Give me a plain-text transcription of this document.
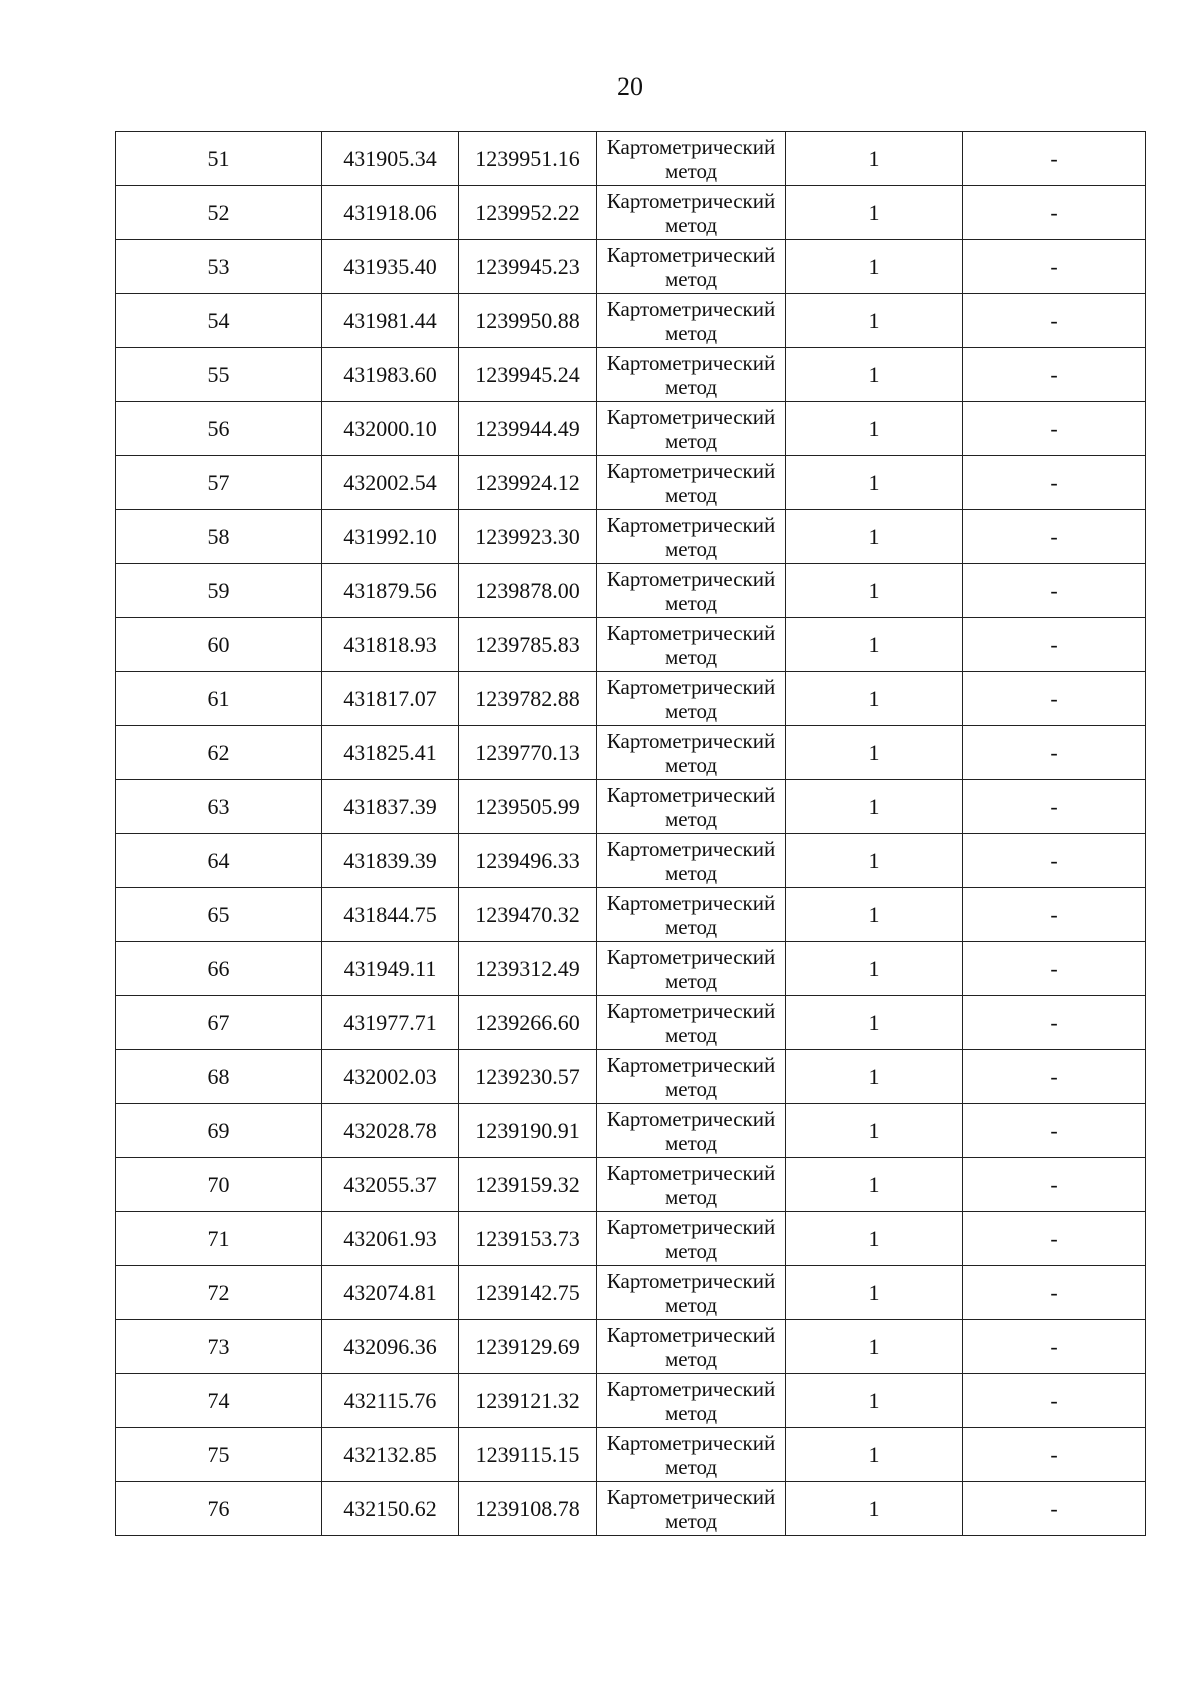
20
51	431905.34	1239951.16	Картометрический метод	1	-
52	431918.06	1239952.22	Картометрический метод	1	-
53	431935.40	1239945.23	Картометрический метод	1	-
54	431981.44	1239950.88	Картометрический метод	1	-
55	431983.60	1239945.24	Картометрический метод	1	-
56	432000.10	1239944.49	Картометрический метод	1	-
57	432002.54	1239924.12	Картометрический метод	1	-
58	431992.10	1239923.30	Картометрический метод	1	-
59	431879.56	1239878.00	Картометрический метод	1	-
60	431818.93	1239785.83	Картометрический метод	1	-
61	431817.07	1239782.88	Картометрический метод	1	-
62	431825.41	1239770.13	Картометрический метод	1	-
63	431837.39	1239505.99	Картометрический метод	1	-
64	431839.39	1239496.33	Картометрический метод	1	-
65	431844.75	1239470.32	Картометрический метод	1	-
66	431949.11	1239312.49	Картометрический метод	1	-
67	431977.71	1239266.60	Картометрический метод	1	-
68	432002.03	1239230.57	Картометрический метод	1	-
69	432028.78	1239190.91	Картометрический метод	1	-
70	432055.37	1239159.32	Картометрический метод	1	-
71	432061.93	1239153.73	Картометрический метод	1	-
72	432074.81	1239142.75	Картометрический метод	1	-
73	432096.36	1239129.69	Картометрический метод	1	-
74	432115.76	1239121.32	Картометрический метод	1	-
75	432132.85	1239115.15	Картометрический метод	1	-
76	432150.62	1239108.78	Картометрический метод	1	-
